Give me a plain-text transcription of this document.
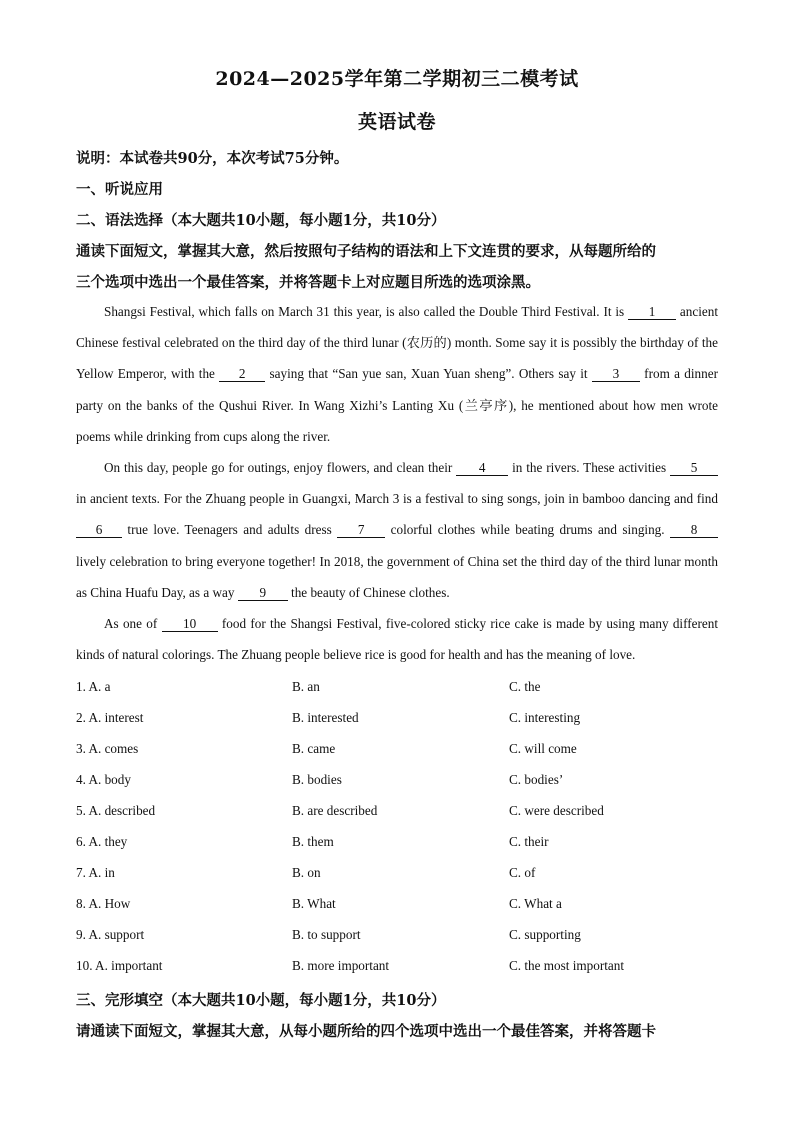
2024—2025学年第二学期初三二模考试
英语试卷
说明：本试卷共90分，本次考试75分钟。
一、听说应用
二、语法选择（本大题共10小题，每小题1分，共10分）
通读下面短文，掌握其大意，然后按照句子结构的语法和上下文连贯的要求，从每题所给的
三个选项中选出一个最佳答案，并将答题卡上对应题目所选的选项涂黑。
Shangsi Festival, which falls on March 31 this year, is also called the Double Third Festival. It is 1 ancient Chinese festival celebrated on the third day of the third lunar (农历的) month. Some say it is possibly the birthday of the Yellow Emperor, with the 2 saying that “San yue san, Xuan Yuan sheng”. Others say it 3 from a dinner party on the banks of the Qushui River. In Wang Xizhi’s Lanting Xu (兰亭序), he mentioned about how men wrote poems while drinking from cups along the river.
On this day, people go for outings, enjoy flowers, and clean their 4 in the rivers. These activities 5 in ancient texts. For the Zhuang people in Guangxi, March 3 is a festival to sing songs, join in bamboo dancing and find 6 true love. Teenagers and adults dress 7 colorful clothes while beating drums and singing. 8 lively celebration to bring everyone together! In 2018, the government of China set the third day of the third lunar month as China Huafu Day, as a way 9 the beauty of Chinese clothes.
As one of 10 food for the Shangsi Festival, five-colored sticky rice cake is made by using many different kinds of natural colorings. The Zhuang people believe rice is good for health and has the meaning of love.
1. A. a	B. an	C. the
2. A. interest	B. interested	C. interesting
3. A. comes	B. came	C. will come
4. A. body	B. bodies	C. bodies’
5. A. described	B. are described	C. were described
6. A. they	B. them	C. their
7. A. in	B. on	C. of
8. A. How	B. What	C. What a
9. A. support	B. to support	C. supporting
10. A. important	B. more important	C. the most important
三、完形填空（本大题共10小题，每小题1分，共10分）
请通读下面短文，掌握其大意，从每小题所给的四个选项中选出一个最佳答案，并将答题卡
